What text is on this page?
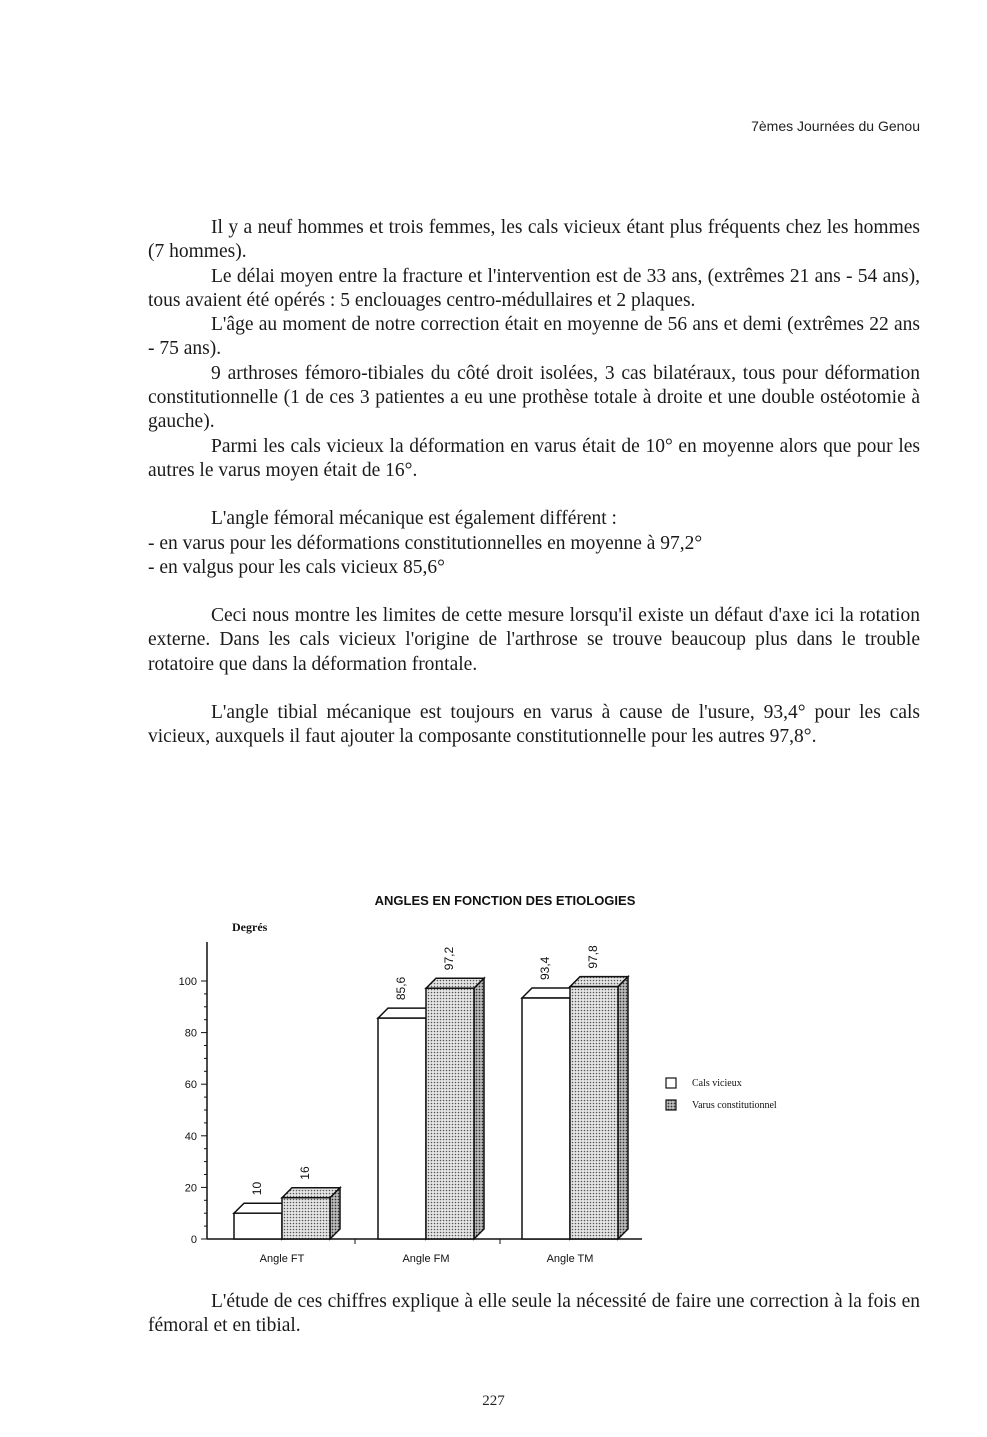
7èmes Journées du Genou

Il y a neuf hommes et trois femmes, les cals vicieux étant plus fréquents chez les hommes (7 hommes).

Le délai moyen entre la fracture et l'intervention est de 33 ans, (extrêmes 21 ans - 54 ans), tous avaient été opérés : 5 enclouages centro-médullaires et 2 plaques.

L'âge au moment de notre correction était en moyenne de 56 ans et demi (extrêmes 22 ans - 75 ans).

9 arthroses fémoro-tibiales du côté droit isolées, 3 cas bilatéraux, tous pour déformation constitutionnelle (1 de ces 3 patientes a eu une prothèse totale à droite et une double ostéotomie à gauche).

Parmi les cals vicieux la déformation en varus était de 10° en moyenne alors que pour les autres le varus moyen était de 16°.

L'angle fémoral mécanique est également différent :

- en varus pour les déformations constitutionnelles en moyenne à 97,2°

- en valgus pour les cals vicieux 85,6°

Ceci nous montre les limites de cette mesure lorsqu'il existe un défaut d'axe ici la rotation externe. Dans les cals vicieux l'origine de l'arthrose se trouve beaucoup plus dans le trouble rotatoire que dans la déformation frontale.

L'angle tibial mécanique est toujours en varus à cause de l'usure, 93,4° pour les cals vicieux, auxquels il faut ajouter la composante constitutionnelle pour les autres 97,8°.

ANGLES EN FONCTION DES ETIOLOGIES
Degrés
0
20
40
60
80
100
Angle FT	Angle FM	Angle TM
10
16
85,6
97,2	93,4	97,8
Cals vicieux
Varus constitutionnel

L'étude de ces chiffres explique à elle seule la nécessité de faire une correction à la fois en fémoral et en tibial.

227
